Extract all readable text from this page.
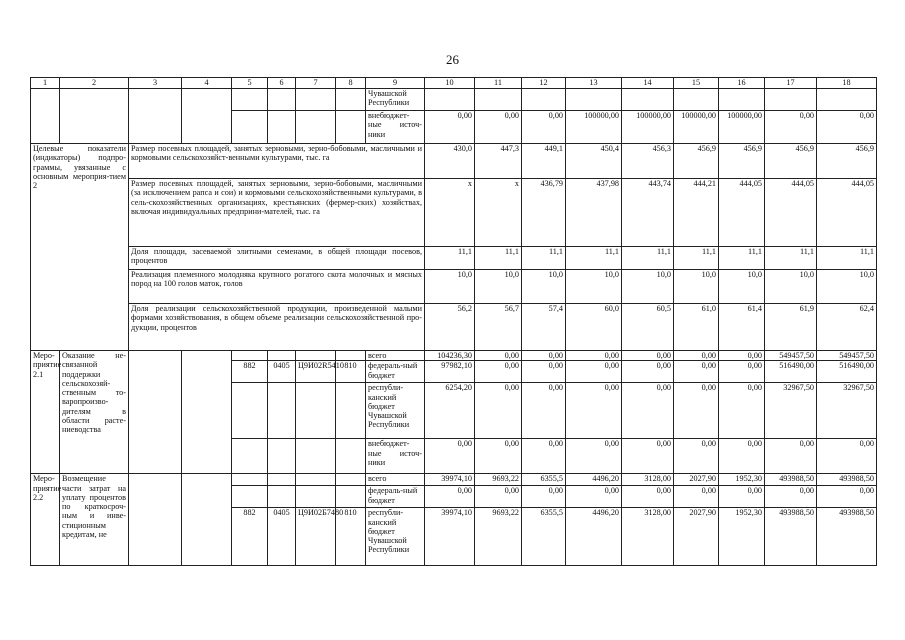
26
1	2	3	4	5	6	7	8	9	10	11	12	13	14	15	16	17	18
								Чувашской Республики									
								внебюджет-ные источ-ники	0,00	0,00	0,00	100000,00	100000,00	100000,00	100000,00	0,00	0,00
Целевые показатели (индикаторы) подпро-граммы, увязанные с основным мероприя-тием 2		Размер посевных площадей, занятых зерновыми, зерно-бобовыми, масличными и кормовыми сельскохозяйст-венными культурами, тыс. га							430,0	447,3	449,1	450,4	456,3	456,9	456,9	456,9	456,9
		Размер посевных площадей, занятых зерновыми, зерно-бобовыми, масличными (за исключением рапса и сои) и кормовыми сельскохозяйственными культурами, в сель-скохозяйственных организациях, крестьянских (фермер-ских) хозяйствах, включая индивидуальных предприни-мателей, тыс. га							х	х	436,79	437,98	443,74	444,21	444,05	444,05	444,05
		Доля площади, засеваемой элитными семенами, в общей площади посевов, процентов							11,1	11,1	11,1	11,1	11,1	11,1	11,1	11,1	11,1
		Реализация племенного молодняка крупного рогатого скота молочных и мясных пород на 100 голов маток, голов							10,0	10,0	10,0	10,0	10,0	10,0	10,0	10,0	10,0
		Доля реализации сельскохозяйственной продукции, произведенной малыми формами хозяйствования, в общем объеме реализации сельскохозяйственной про-дукции, процентов							56,2	56,7	57,4	60,0	60,5	61,0	61,4	61,9	62,4
Меро-приятие 2.1	Оказание не-связанной поддержки сельскохозяй-ственным то-варопроизво-дителям в области расте-ниеводства							всего	104236,30	0,00	0,00	0,00	0,00	0,00	0,00	549457,50	549457,50
				882	0405	Ц9И02R5410	810	федераль-ный бюджет	97982,10	0,00	0,00	0,00	0,00	0,00	0,00	516490,00	516490,00
								республи-канский бюджет Чувашской Республики	6254,20	0,00	0,00	0,00	0,00	0,00	0,00	32967,50	32967,50
								внебюджет-ные источ-ники	0,00	0,00	0,00	0,00	0,00	0,00	0,00	0,00	0,00
Меро-приятие 2.2	Возмещение части затрат на уплату процентов по краткосроч-ным и инве-стиционным кредитам, не							всего	39974,10	9693,22	6355,5	4496,20	3128,00	2027,90	1952,30	493988,50	493988,50
								федераль-ный бюджет	0,00	0,00	0,00	0,00	0,00	0,00	0,00	0,00	0,00
				882	0405	Ц9И02Б7480	810	республи-канский бюджет Чувашской Республики	39974,10	9693,22	6355,5	4496,20	3128,00	2027,90	1952,30	493988,50	493988,50
